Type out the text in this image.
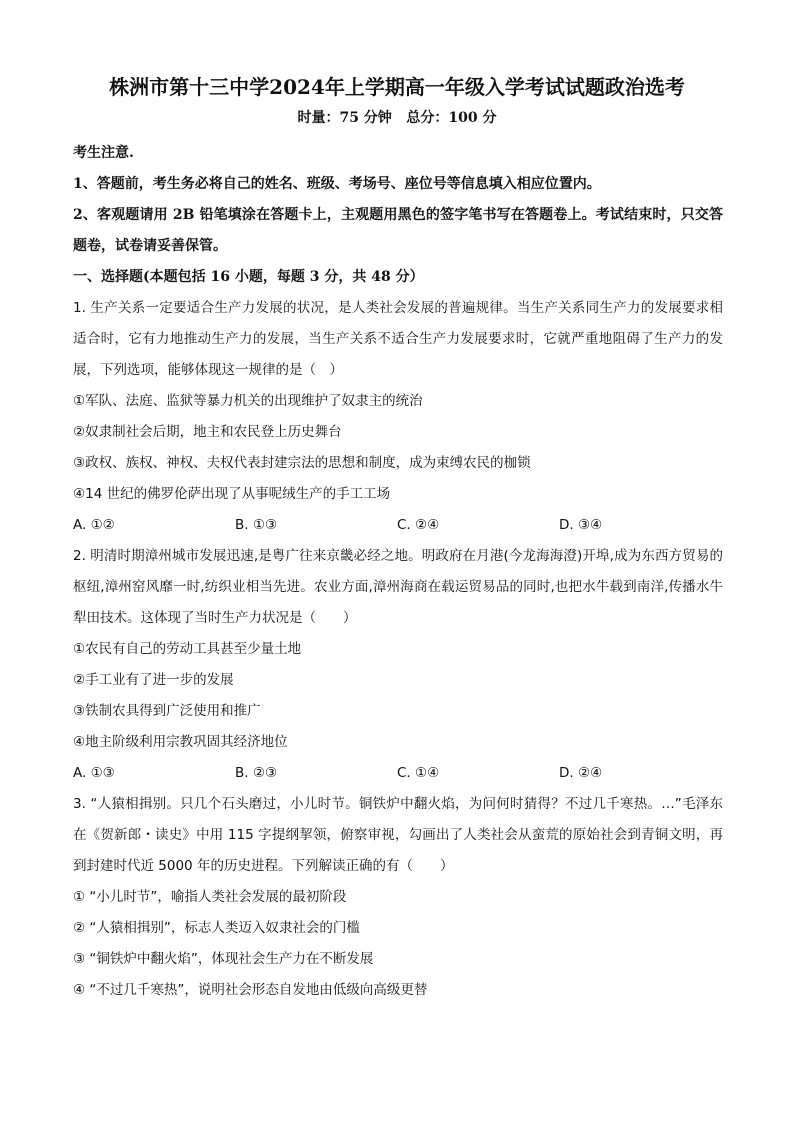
株洲市第十三中学2024年上学期高一年级入学考试试题政治选考
时量：75 分钟   总分：100 分
考生注意.
1、答题前，考生务必将自己的姓名、班级、考场号、座位号等信息填入相应位置内。
2、客观题请用 2B 铅笔填涂在答题卡上，主观题用黑色的签字笔书写在答题卷上。考试结束时，只交答题卷，试卷请妥善保管。
一、选择题(本题包括 16 小题，每题 3 分，共 48 分）
1. 生产关系一定要适合生产力发展的状况，是人类社会发展的普遍规律。当生产关系同生产力的发展要求相适合时，它有力地推动生产力的发展，当生产关系不适合生产力发展要求时，它就严重地阻碍了生产力的发展，下列选项，能够体现这一规律的是（　）
①军队、法庭、监狱等暴力机关的出现维护了奴隶主的统治
②奴隶制社会后期，地主和农民登上历史舞台
③政权、族权、神权、夫权代表封建宗法的思想和制度，成为束缚农民的枷锁
④14 世纪的佛罗伦萨出现了从事呢绒生产的手工工场
A. ①②	B. ①③	C. ②④	D. ③④
2. 明清时期漳州城市发展迅速,是粤广往来京畿必经之地。明政府在月港(今龙海海澄)开埠,成为东西方贸易的枢纽,漳州窑风靡一时,纺织业相当先进。农业方面,漳州海商在载运贸易品的同时,也把水牛载到南洋,传播水牛犁田技术。这体现了当时生产力状况是（　　）
①农民有自己的劳动工具甚至少量土地
②手工业有了进一步的发展
③铁制农具得到广泛使用和推广
④地主阶级利用宗教巩固其经济地位
A. ①③	B. ②③	C. ①④	D. ②④
3. “人猿相揖别。只几个石头磨过，小儿时节。铜铁炉中翻火焰，为问何时猜得？不过几千寒热。…”毛泽东在《贺新郎・读史》中用 115 字提纲挈领，俯察审视，勾画出了人类社会从蛮荒的原始社会到青铜文明，再到封建时代近 5000 年的历史进程。下列解读正确的有（　　）
① “小儿时节”，喻指人类社会发展的最初阶段
② “人猿相揖别”，标志人类迈入奴隶社会的门槛
③ “铜铁炉中翻火焰”，体现社会生产力在不断发展
④ “不过几千寒热”，说明社会形态自发地由低级向高级更替
